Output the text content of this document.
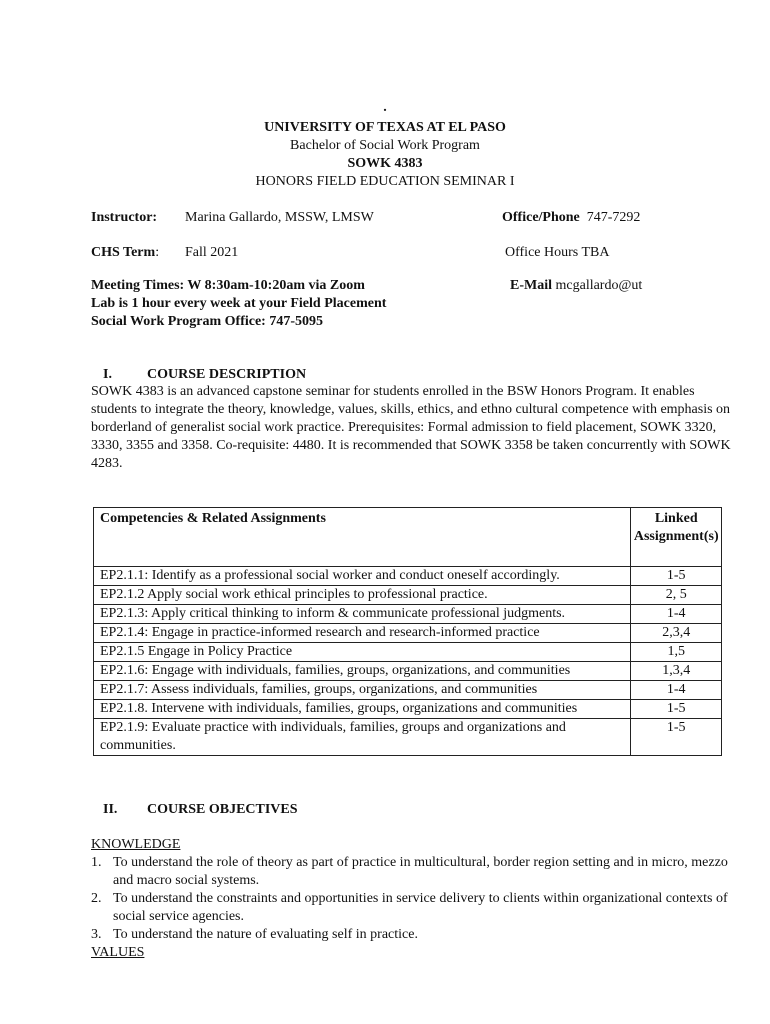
.
UNIVERSITY OF TEXAS AT EL PASO
Bachelor of Social Work Program
SOWK 4383
HONORS FIELD EDUCATION SEMINAR I
Instructor: Marina Gallardo, MSSW, LMSW	Office/Phone 747-7292
CHS Term: Fall 2021	Office Hours TBA
Meeting Times: W 8:30am-10:20am via Zoom
Lab is 1 hour every week at your Field Placement
Social Work Program Office: 747-5095
E-Mail mcgallardo@ut
I.	COURSE DESCRIPTION
SOWK 4383 is an advanced capstone seminar for students enrolled in the BSW Honors Program. It enables students to integrate the theory, knowledge, values, skills, ethics, and ethno cultural competence with emphasis on borderland of generalist social work practice. Prerequisites: Formal admission to field placement, SOWK 3320, 3330, 3355 and 3358. Co-requisite: 4480. It is recommended that SOWK 3358 be taken concurrently with SOWK 4283.
Competencies & Related Assignments	Linked Assignment(s)
EP2.1.1: Identify as a professional social worker and conduct oneself accordingly.	1-5
EP2.1.2 Apply social work ethical principles to professional practice.	2, 5
EP2.1.3: Apply critical thinking to inform & communicate professional judgments.	1-4
EP2.1.4: Engage in practice-informed research and research-informed practice	2,3,4
EP2.1.5 Engage in Policy Practice	1,5
EP2.1.6: Engage with individuals, families, groups, organizations, and communities	1,3,4
EP2.1.7: Assess individuals, families, groups, organizations, and communities	1-4
EP2.1.8. Intervene with individuals, families, groups, organizations and communities	1-5
EP2.1.9: Evaluate practice with individuals, families, groups and organizations and communities.	1-5
II. COURSE OBJECTIVES
KNOWLEDGE
1. To understand the role of theory as part of practice in multicultural, border region setting and in micro, mezzo and macro social systems.
2. To understand the constraints and opportunities in service delivery to clients within organizational contexts of social service agencies.
3. To understand the nature of evaluating self in practice.
VALUES
